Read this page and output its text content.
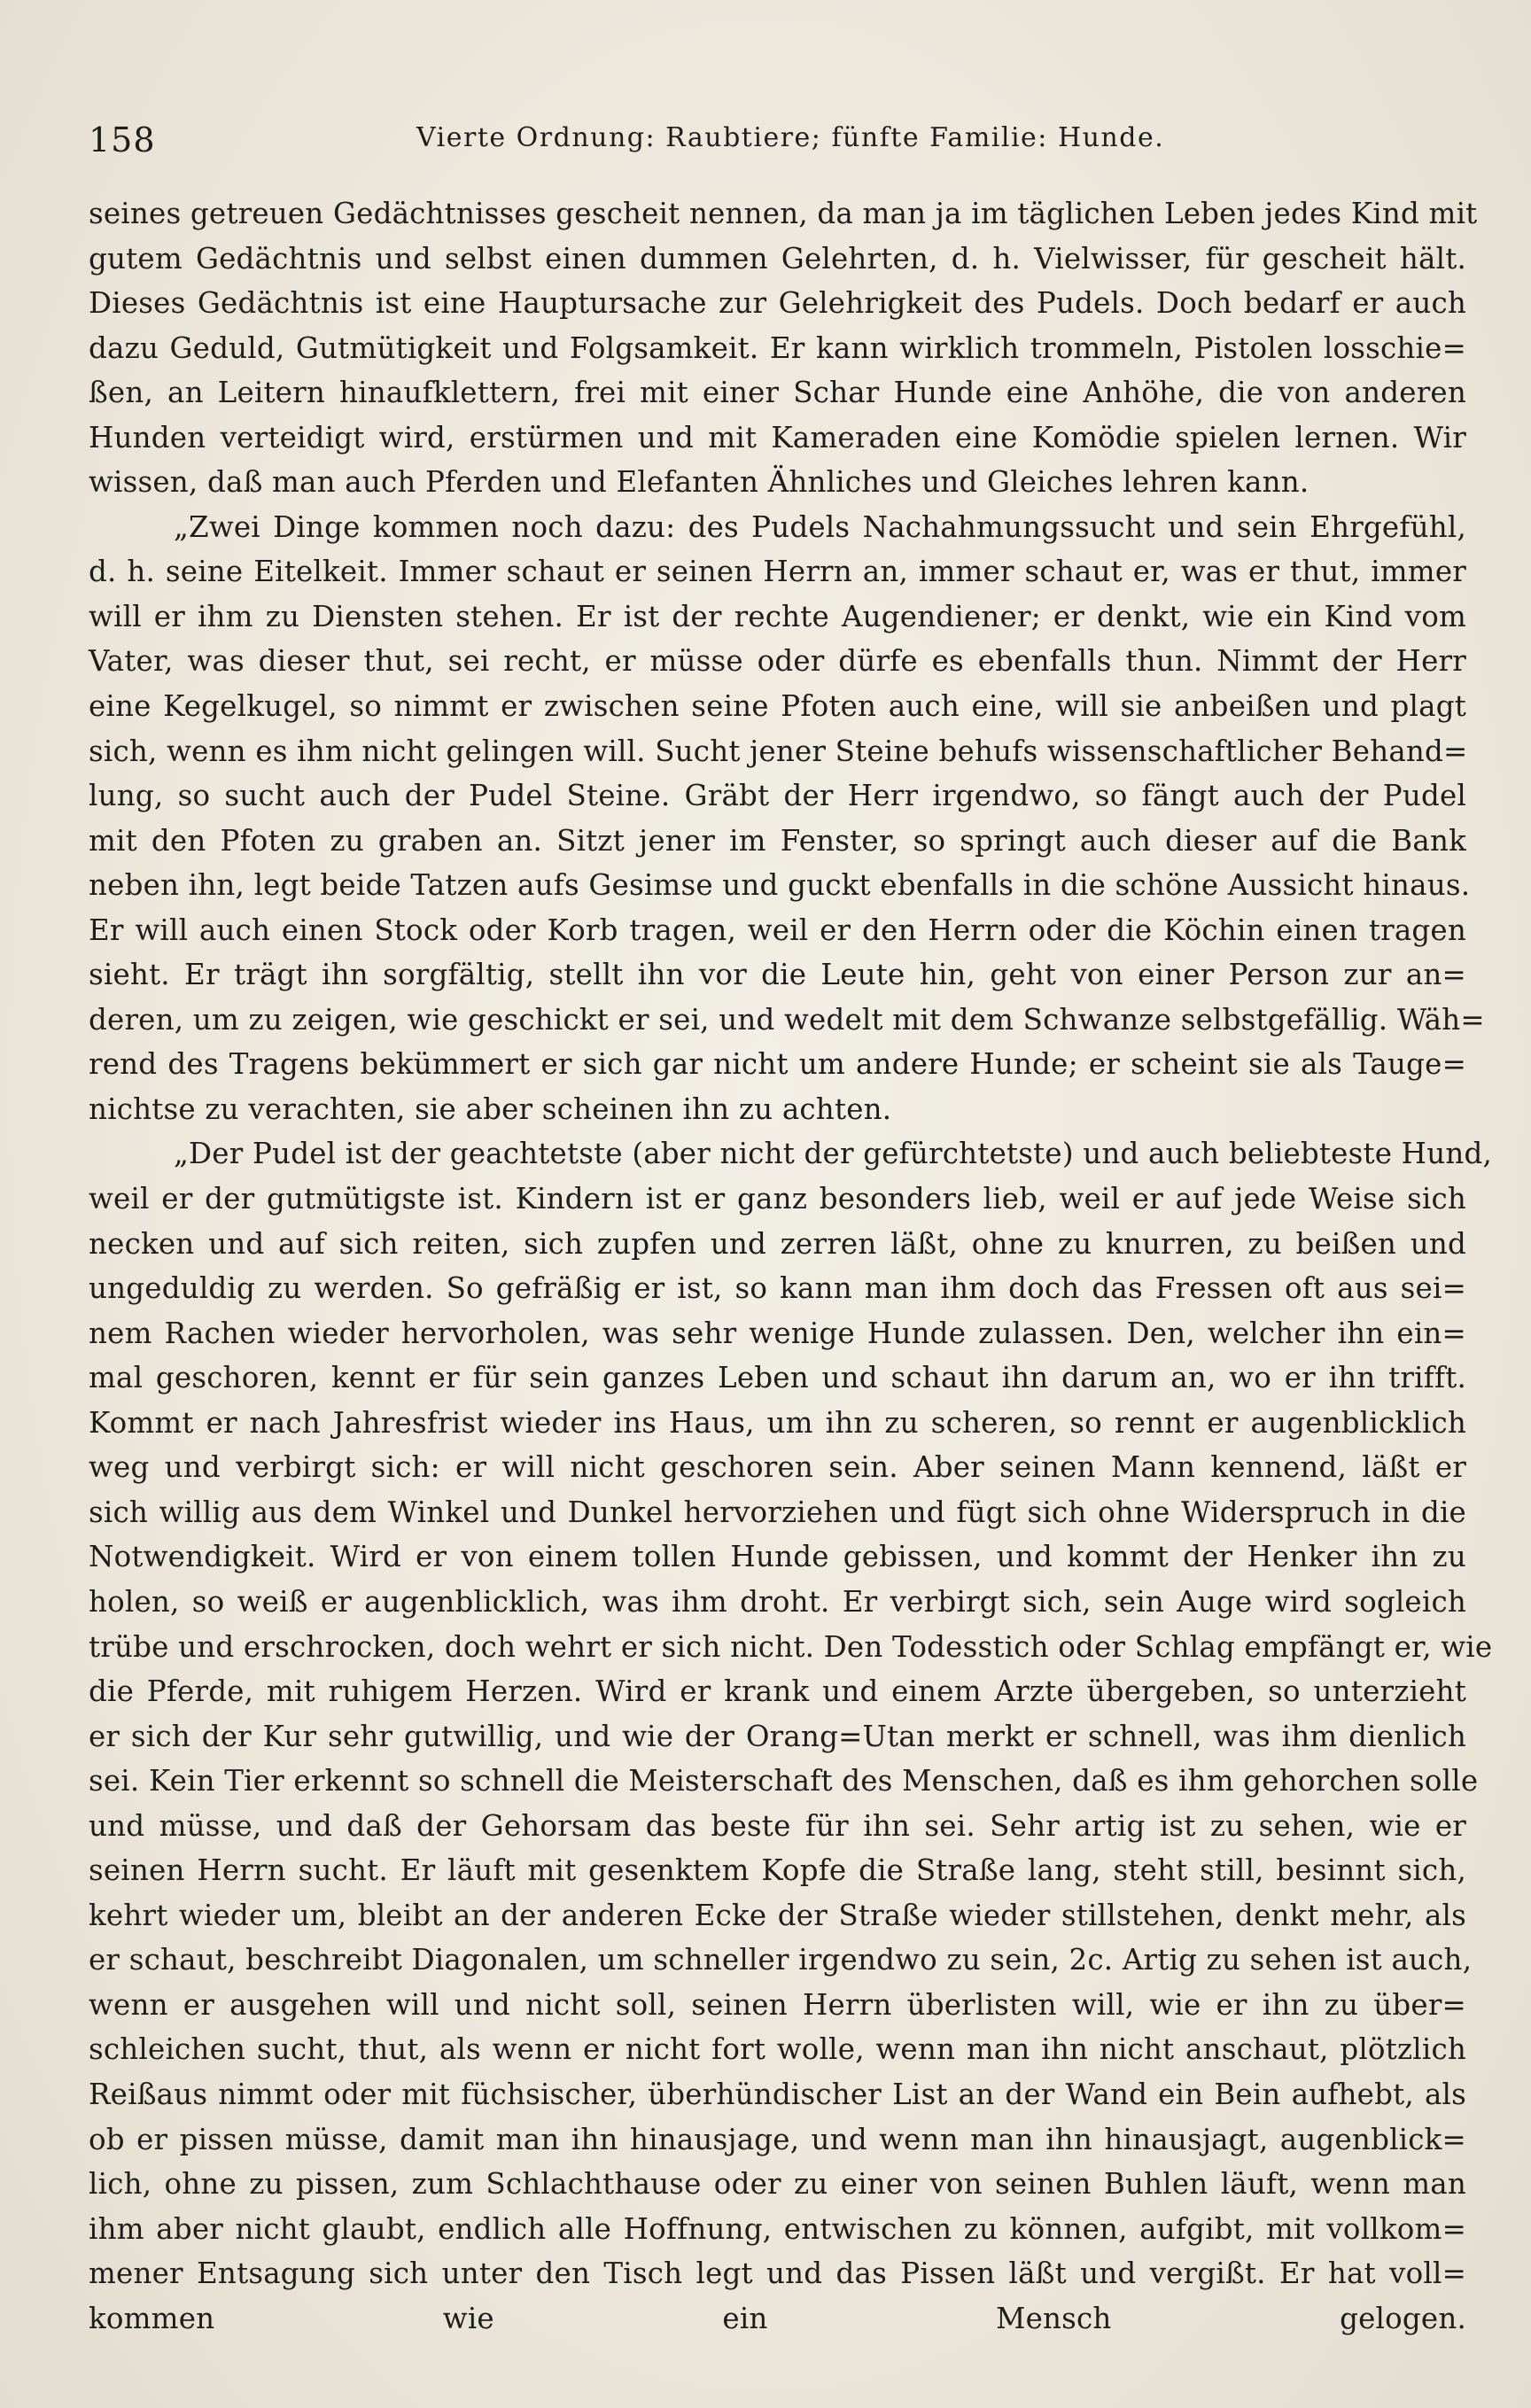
158	Vierte Ordnung: Raubtiere; fünfte Familie: Hunde.
seines getreuen Gedächtnisses gescheit nennen, da man ja im täglichen Leben jedes Kind mit
gutem Gedächtnis und selbst einen dummen Gelehrten, d. h. Vielwisser, für gescheit hält.
Dieses Gedächtnis ist eine Hauptursache zur Gelehrigkeit des Pudels. Doch bedarf er auch
dazu Geduld, Gutmütigkeit und Folgsamkeit. Er kann wirklich trommeln, Pistolen losschie=
ßen, an Leitern hinaufklettern, frei mit einer Schar Hunde eine Anhöhe, die von anderen
Hunden verteidigt wird, erstürmen und mit Kameraden eine Komödie spielen lernen. Wir
wissen, daß man auch Pferden und Elefanten Ähnliches und Gleiches lehren kann.
„Zwei Dinge kommen noch dazu: des Pudels Nachahmungssucht und sein Ehrgefühl,
d. h. seine Eitelkeit. Immer schaut er seinen Herrn an, immer schaut er, was er thut, immer
will er ihm zu Diensten stehen. Er ist der rechte Augendiener; er denkt, wie ein Kind vom
Vater, was dieser thut, sei recht, er müsse oder dürfe es ebenfalls thun. Nimmt der Herr
eine Kegelkugel, so nimmt er zwischen seine Pfoten auch eine, will sie anbeißen und plagt
sich, wenn es ihm nicht gelingen will. Sucht jener Steine behufs wissenschaftlicher Behand=
lung, so sucht auch der Pudel Steine. Gräbt der Herr irgendwo, so fängt auch der Pudel
mit den Pfoten zu graben an. Sitzt jener im Fenster, so springt auch dieser auf die Bank
neben ihn, legt beide Tatzen aufs Gesimse und guckt ebenfalls in die schöne Aussicht hinaus.
Er will auch einen Stock oder Korb tragen, weil er den Herrn oder die Köchin einen tragen
sieht. Er trägt ihn sorgfältig, stellt ihn vor die Leute hin, geht von einer Person zur an=
deren, um zu zeigen, wie geschickt er sei, und wedelt mit dem Schwanze selbstgefällig. Wäh=
rend des Tragens bekümmert er sich gar nicht um andere Hunde; er scheint sie als Tauge=
nichtse zu verachten, sie aber scheinen ihn zu achten.
„Der Pudel ist der geachtetste (aber nicht der gefürchtetste) und auch beliebteste Hund,
weil er der gutmütigste ist. Kindern ist er ganz besonders lieb, weil er auf jede Weise sich
necken und auf sich reiten, sich zupfen und zerren läßt, ohne zu knurren, zu beißen und
ungeduldig zu werden. So gefräßig er ist, so kann man ihm doch das Fressen oft aus sei=
nem Rachen wieder hervorholen, was sehr wenige Hunde zulassen. Den, welcher ihn ein=
mal geschoren, kennt er für sein ganzes Leben und schaut ihn darum an, wo er ihn trifft.
Kommt er nach Jahresfrist wieder ins Haus, um ihn zu scheren, so rennt er augenblicklich
weg und verbirgt sich: er will nicht geschoren sein. Aber seinen Mann kennend, läßt er
sich willig aus dem Winkel und Dunkel hervorziehen und fügt sich ohne Widerspruch in die
Notwendigkeit. Wird er von einem tollen Hunde gebissen, und kommt der Henker ihn zu
holen, so weiß er augenblicklich, was ihm droht. Er verbirgt sich, sein Auge wird sogleich
trübe und erschrocken, doch wehrt er sich nicht. Den Todesstich oder Schlag empfängt er, wie
die Pferde, mit ruhigem Herzen. Wird er krank und einem Arzte übergeben, so unterzieht
er sich der Kur sehr gutwillig, und wie der Orang=Utan merkt er schnell, was ihm dienlich
sei. Kein Tier erkennt so schnell die Meisterschaft des Menschen, daß es ihm gehorchen solle
und müsse, und daß der Gehorsam das beste für ihn sei. Sehr artig ist zu sehen, wie er
seinen Herrn sucht. Er läuft mit gesenktem Kopfe die Straße lang, steht still, besinnt sich,
kehrt wieder um, bleibt an der anderen Ecke der Straße wieder stillstehen, denkt mehr, als
er schaut, beschreibt Diagonalen, um schneller irgendwo zu sein, 2c. Artig zu sehen ist auch,
wenn er ausgehen will und nicht soll, seinen Herrn überlisten will, wie er ihn zu über=
schleichen sucht, thut, als wenn er nicht fort wolle, wenn man ihn nicht anschaut, plötzlich
Reißaus nimmt oder mit füchsischer, überhündischer List an der Wand ein Bein aufhebt, als
ob er pissen müsse, damit man ihn hinausjage, und wenn man ihn hinausjagt, augenblick=
lich, ohne zu pissen, zum Schlachthause oder zu einer von seinen Buhlen läuft, wenn man
ihm aber nicht glaubt, endlich alle Hoffnung, entwischen zu können, aufgibt, mit vollkom=
mener Entsagung sich unter den Tisch legt und das Pissen läßt und vergißt. Er hat voll=
kommen wie ein Mensch gelogen.
